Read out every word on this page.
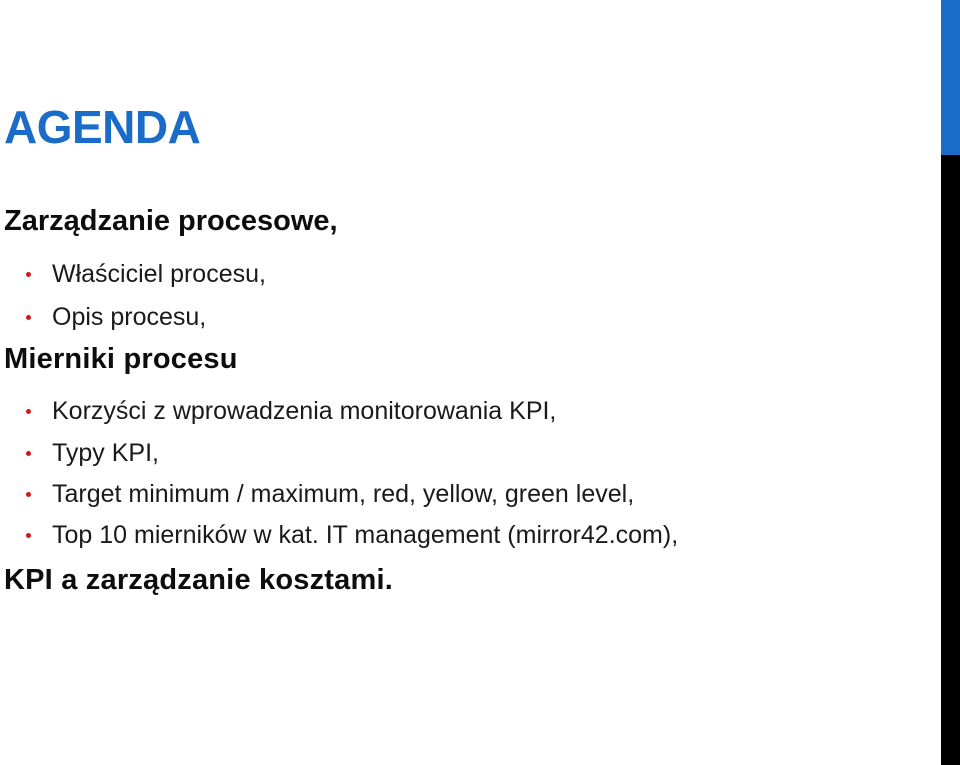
AGENDA
Zarządzanie procesowe,
Właściciel procesu,
Opis procesu,
Mierniki procesu
Korzyści z wprowadzenia monitorowania KPI,
Typy KPI,
Target minimum / maximum, red, yellow, green level,
Top 10 mierników w kat. IT management (mirror42.com),
KPI a zarządzanie kosztami.
